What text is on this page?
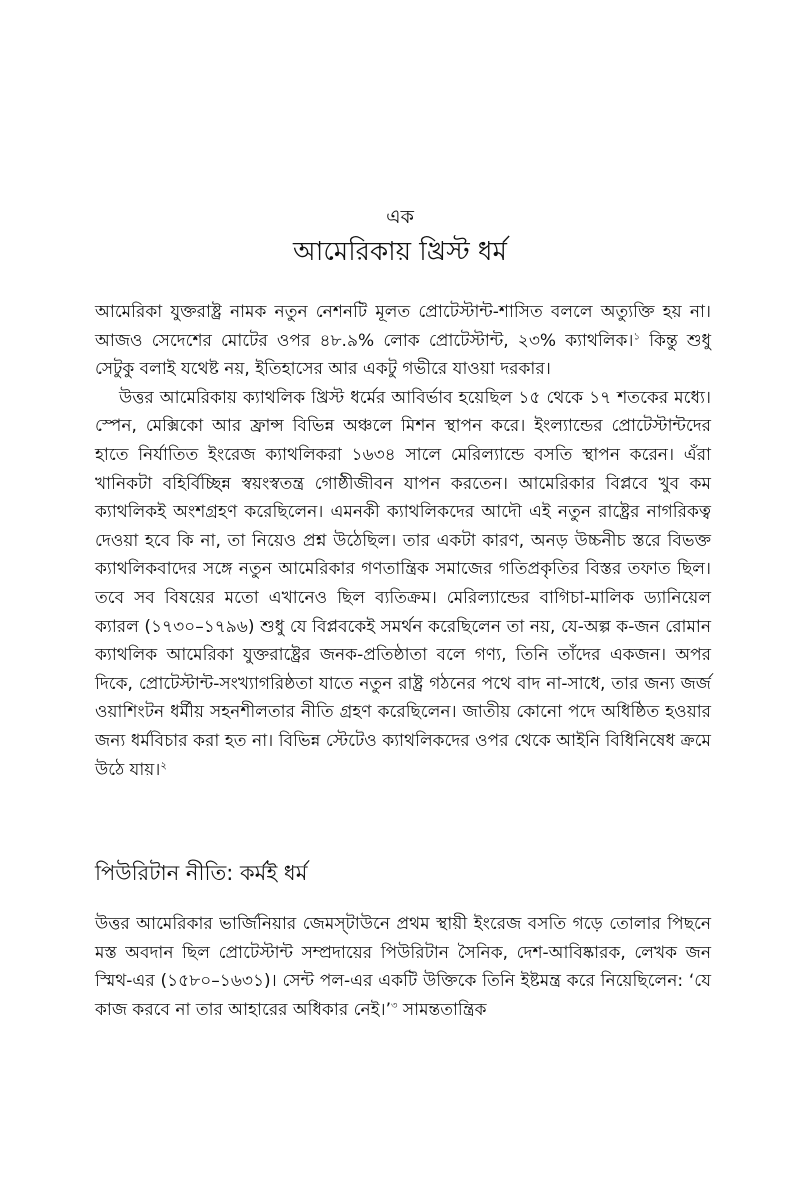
এক
আমেরিকায় খ্রিস্ট ধর্ম

আমেরিকা যুক্তরাষ্ট্র নামক নতুন নেশনটি মূলত প্রোটেস্টান্ট-শাসিত বললে অত্যুক্তি হয় না। আজও সেদেশের মোটের ওপর ৪৮.৯% লোক প্রোটেস্টান্ট, ২৩% ক্যাথলিক।$^১$ কিন্তু শুধু সেটুকু বলাই যথেষ্ট নয়, ইতিহাসের আর একটু গভীরে যাওয়া দরকার।

উত্তর আমেরিকায় ক্যাথলিক খ্রিস্ট ধর্মের আবির্ভাব হয়েছিল ১৫ থেকে ১৭ শতকের মধ্যে। স্পেন, মেক্সিকো আর ফ্রান্স বিভিন্ন অঞ্চলে মিশন স্থাপন করে। ইংল্যান্ডের প্রোটেস্টান্টদের হাতে নির্যাতিত ইংরেজ ক্যাথলিকরা ১৬৩৪ সালে মেরিল্যান্ডে বসতি স্থাপন করেন। এঁরা খানিকটা বহির্বিচ্ছিন্ন স্বয়ংস্বতন্ত্র গোষ্ঠীজীবন যাপন করতেন। আমেরিকার বিপ্লবে খুব কম ক্যাথলিকই অংশগ্রহণ করেছিলেন। এমনকী ক্যাথলিকদের আদৌ এই নতুন রাষ্ট্রের নাগরিকত্ব দেওয়া হবে কি না, তা নিয়েও প্রশ্ন উঠেছিল। তার একটা কারণ, অনড় উচ্চনীচ স্তরে বিভক্ত ক্যাথলিকবাদের সঙ্গে নতুন আমেরিকার গণতান্ত্রিক সমাজের গতিপ্রকৃতির বিস্তর তফাত ছিল। তবে সব বিষয়ের মতো এখানেও ছিল ব্যতিক্রম। মেরিল্যান্ডের বাগিচা-মালিক ড্যানিয়েল ক্যারল (১৭৩০–১৭৯৬) শুধু যে বিপ্লবকেই সমর্থন করেছিলেন তা নয়, যে-অল্প ক-জন রোমান ক্যাথলিক আমেরিকা যুক্তরাষ্ট্রের জনক-প্রতিষ্ঠাতা বলে গণ্য, তিনি তাঁদের একজন। অপর দিকে, প্রোটেস্টান্ট-সংখ্যাগরিষ্ঠতা যাতে নতুন রাষ্ট্র গঠনের পথে বাদ না-সাধে, তার জন্য জর্জ ওয়াশিংটন ধর্মীয় সহনশীলতার নীতি গ্রহণ করেছিলেন। জাতীয় কোনো পদে অধিষ্ঠিত হওয়ার জন্য ধর্মবিচার করা হত না। বিভিন্ন স্টেটেও ক্যাথলিকদের ওপর থেকে আইনি বিধিনিষেধ ক্রমে উঠে যায়।$^২$

পিউরিটান নীতি: কর্মই ধর্ম

উত্তর আমেরিকার ভার্জিনিয়ার জেমস্‌টাউনে প্রথম স্থায়ী ইংরেজ বসতি গড়ে তোলার পিছনে মস্ত অবদান ছিল প্রোটেস্টান্ট সম্প্রদায়ের পিউরিটান সৈনিক, দেশ-আবিষ্কারক, লেখক জন স্মিথ-এর (১৫৮০–১৬৩১)। সেন্ট পল-এর একটি উক্তিকে তিনি ইষ্টমন্ত্র করে নিয়েছিলেন: ‘যে কাজ করবে না তার আহারের অধিকার নেই।’$^৩$ সামন্ততান্ত্রিক
